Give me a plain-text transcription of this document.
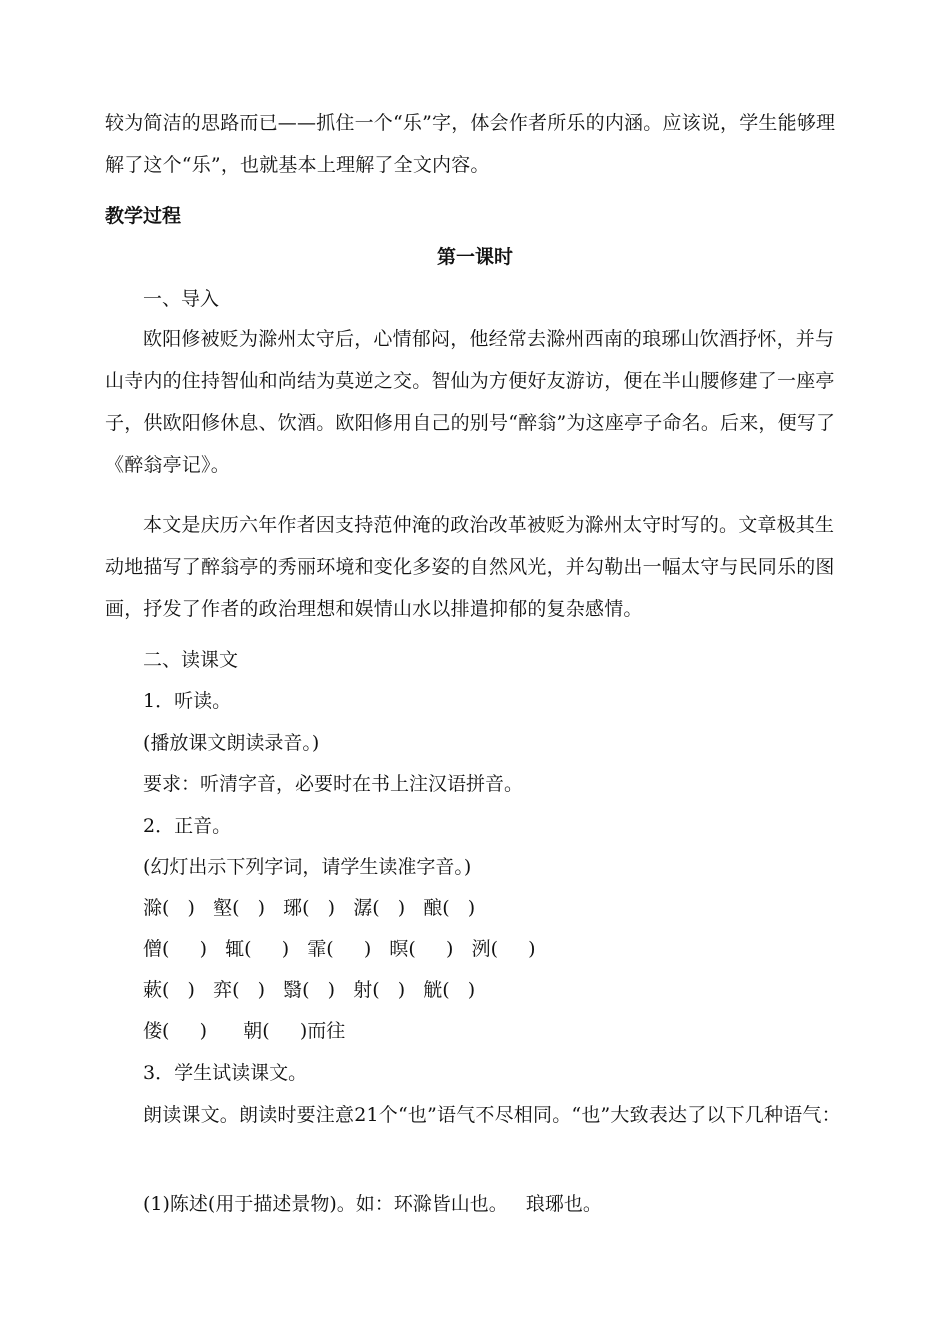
较为简洁的思路而已——抓住一个“乐”字，体会作者所乐的内涵。应该说，学生能够理解了这个“乐”，也就基本上理解了全文内容。
教学过程
第一课时
一、导入
欧阳修被贬为滁州太守后，心情郁闷，他经常去滁州西南的琅琊山饮酒抒怀，并与山寺内的住持智仙和尚结为莫逆之交。智仙为方便好友游访，便在半山腰修建了一座亭子，供欧阳修休息、饮酒。欧阳修用自己的别号“醉翁”为这座亭子命名。后来，便写了《醉翁亭记》。
本文是庆历六年作者因支持范仲淹的政治改革被贬为滁州太守时写的。文章极其生动地描写了醉翁亭的秀丽环境和变化多姿的自然风光，并勾勒出一幅太守与民同乐的图画，抒发了作者的政治理想和娱情山水以排遣抑郁的复杂感情。
二、读课文
1．听读。
(播放课文朗读录音。)
要求：听清字音，必要时在书上注汉语拼音。
2．正音。
(幻灯出示下列字词，请学生读准字音。)
滁(   )   壑(   )   琊(   )   潺(   )   酿(   )
僧(     )   辄(     )   霏(     )   暝(     )   洌(     )
蔌(   )   弈(   )   翳(   )   射(   )   觥(   )
偻(     )      朝(     )而往
3．学生试读课文。
朗读课文。朗读时要注意21个“也”语气不尽相同。“也”大致表达了以下几种语气：
(1)陈述(用于描述景物)。如：环滁皆山也。   琅琊也。
